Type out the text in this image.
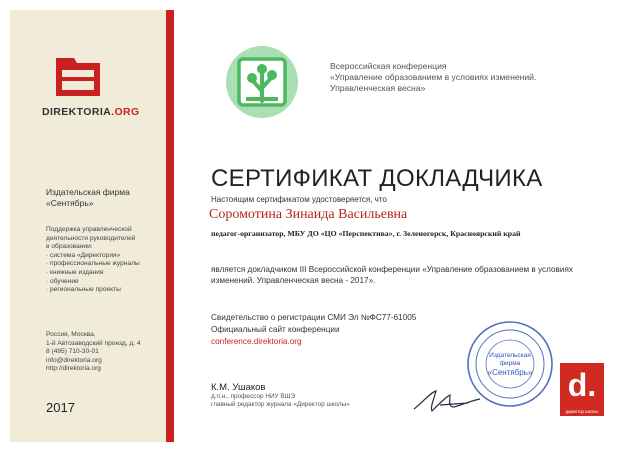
DIREKTORIA.ORG
Издательская фирма
«Сентябрь»
Поддержка управленческой
деятельности руководителей
в образовании:
· система «Директория»
· профессиональные журналы
· книжные издания
· обучение
· региональные проекты
Россия, Москва,
1-й Автозаводский проезд, д. 4
8 (495) 710-30-01
info@direktoria.org
http://direktoria.org
2017
Всероссийская конференция
«Управление образованием в условиях изменений.
Управленческая весна»
СЕРТИФИКАТ ДОКЛАДЧИКА
Настоящим сертификатом удостоверяется, что
Соромотина Зинаида Васильевна
педагог-организатор, МБУ ДО «ЦО «Перспектива», г. Зеленогорск, Красноярский край
является докладчиком III Всероссийской конференции «Управление образованием в условиях
изменений. Управленческая весна - 2017».
Свидетельство о регистрации СМИ Эл №ФС77-61005
Официальный сайт конференции
conference.direktoria.org
К.М. Ушаков
д.п.н., профессор НИУ ВШЭ
главный редактор журнала «Директор школы»
Издательская
фирма
«Сентябрь» d.
директор школы
